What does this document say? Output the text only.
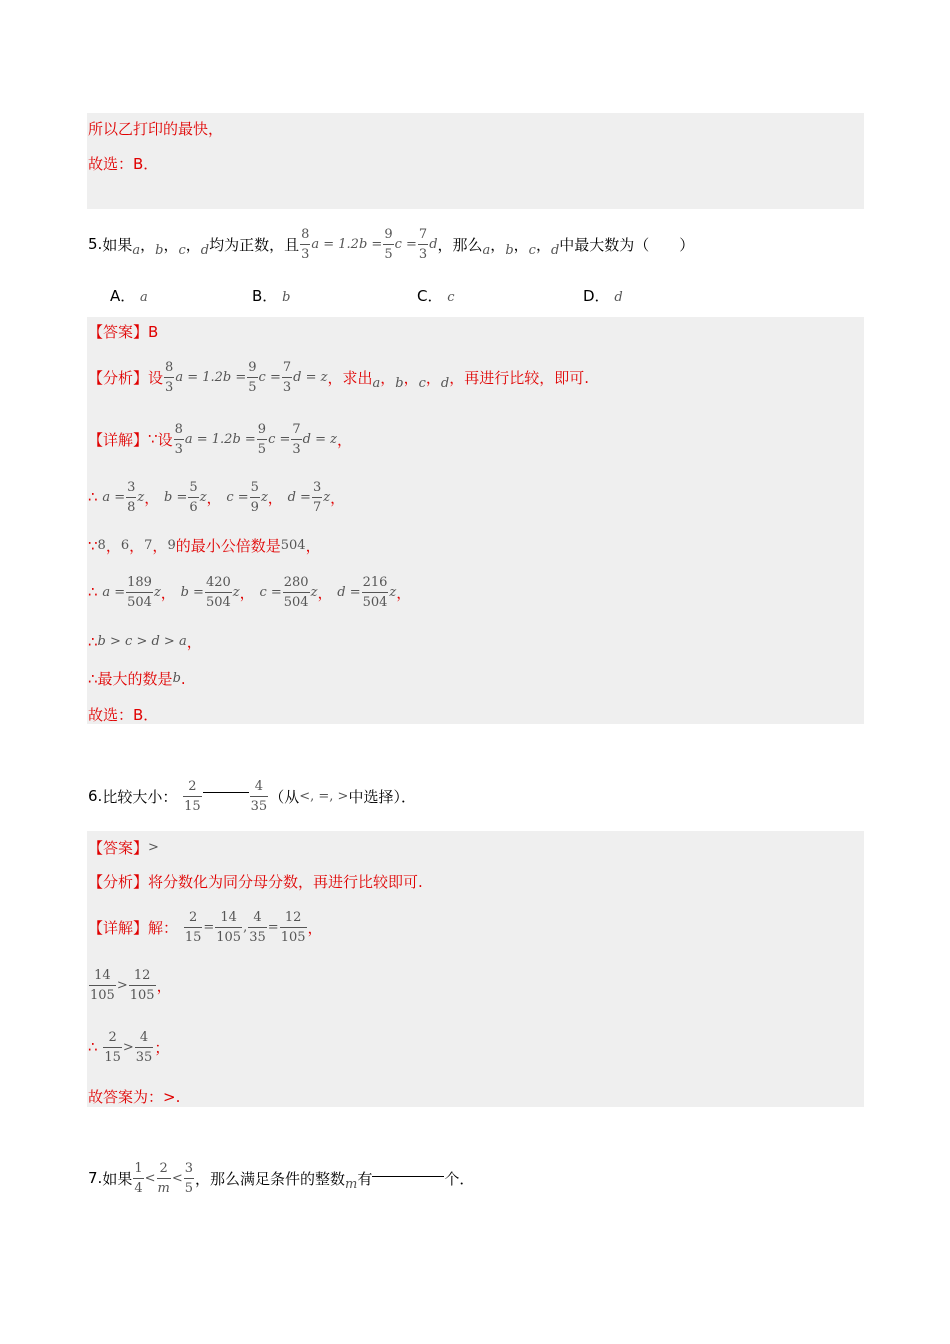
所以乙打印的最快，
故选：B．
5. 如果 a ， b ， c ， d 均为正数，且 $\frac{8}{3}$ $a = 1.2b = \frac{9}{5}$ $c = \frac{7}{3}$ d ，那么 a ， b ， c ， d 中最大数为（　　）
A． a	B． b	C． c	D． d
【答案】 B
【分析】 设 $\frac{8}{3}$ $a = 1.2b = \frac{9}{5}$ $c = \frac{7}{3}$ d = z ，求出 a ， b ， c ， d ，再进行比较，即可.
【详解】 ∵ 设 $\frac{8}{3}$ $a = 1.2b = \frac{9}{5}$ $c = \frac{7}{3}$ d = z ，
∴
$a = \frac{3}{8}$ z ，
$b = \frac{5}{6}$ z ，
$c = \frac{5}{9}$ z ，
$d = \frac{3}{7}$ z ，
∵ 8 ， 6 ， 7 ， 9 的最小公倍数是 504 ，
∴
$a = \frac{189}{504}$ z ，
$b = \frac{420}{504}$ z ，
$c = \frac{280}{504}$ z ，
$d = \frac{216}{504}$ z ，
∴ b > c > d > a ，
∴ 最大的数是 b .
故选：B．
6. 比较大小：
$\frac{2}{15}$	$\frac{4}{35}$ （从 <, =, > 中选择）．
【答案】 >
【分析】 将分数化为同分母分数，再进行比较即可.
【详解】 解：
$\frac{2}{15} = \frac{14}{105}$ , $\frac{4}{35} = \frac{12}{105}$ ，
$\frac{14}{105} > \frac{12}{105}$ ，
∴
$\frac{2}{15} > \frac{4}{35}$ ；
故答案为：>.
7. 如果 $\frac{1}{4} < \frac{2}{m} < \frac{3}{5}$ ，那么满足条件的整数 m 有	个．
